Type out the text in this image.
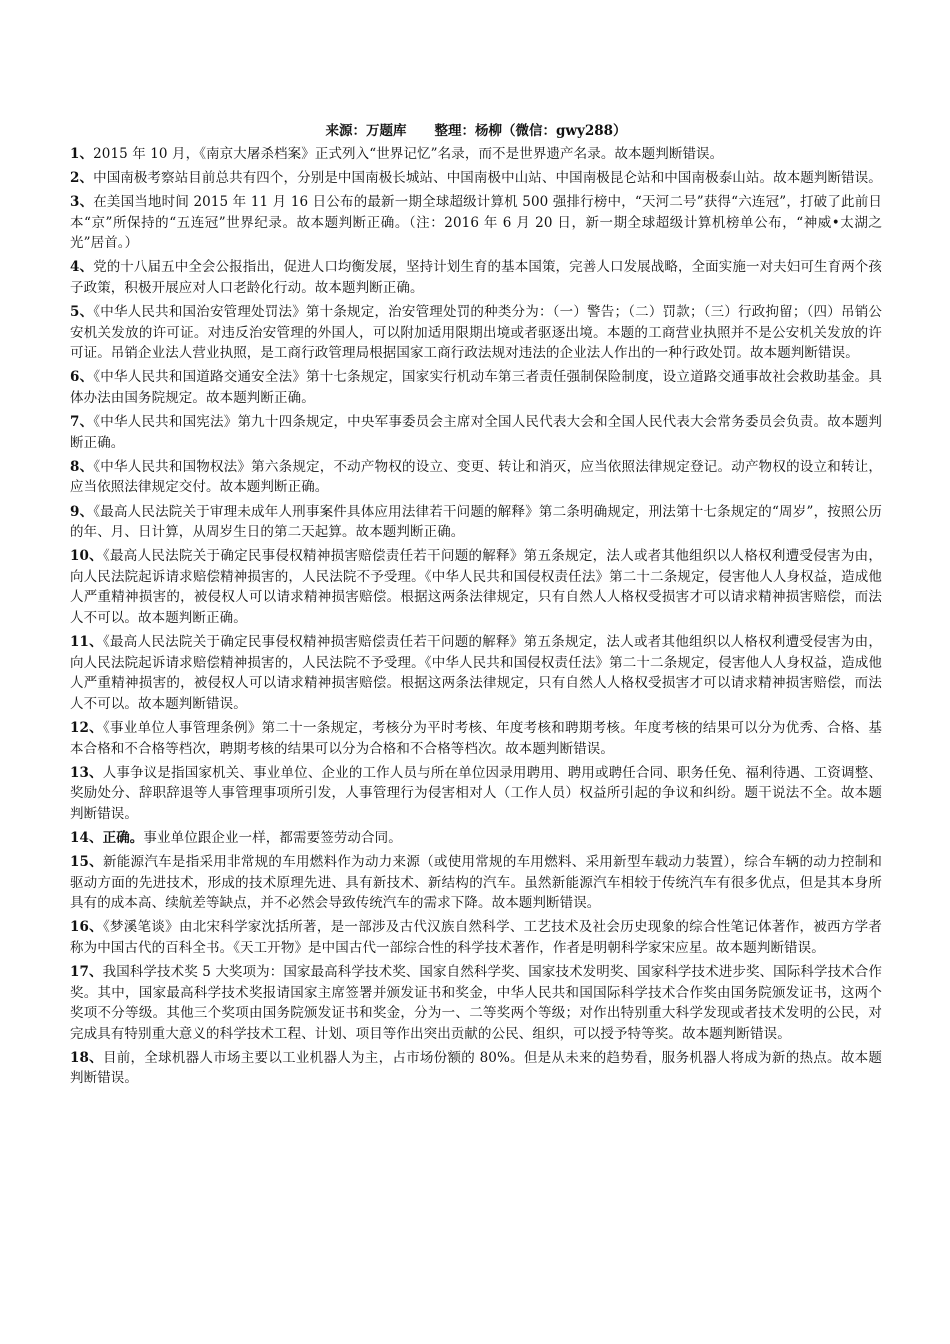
来源：万题库 整理：杨柳（微信：gwy288）

1、2015 年 10 月，《南京大屠杀档案》正式列入“世界记忆”名录，而不是世界遗产名录。故本题判断错误。

2、中国南极考察站目前总共有四个，分别是中国南极长城站、中国南极中山站、中国南极昆仑站和中国南极泰山站。故本题判断错误。

3、在美国当地时间 2015 年 11 月 16 日公布的最新一期全球超级计算机 500 强排行榜中，“天河二号”获得“六连冠”，打破了此前日本“京”所保持的“五连冠”世界纪录。故本题判断正确。（注：2016 年 6 月 20 日，新一期全球超级计算机榜单公布，“神威•太湖之光”居首。）

4、党的十八届五中全会公报指出，促进人口均衡发展，坚持计划生育的基本国策，完善人口发展战略，全面实施一对夫妇可生育两个孩子政策，积极开展应对人口老龄化行动。故本题判断正确。

5、《中华人民共和国治安管理处罚法》第十条规定，治安管理处罚的种类分为：（一）警告；（二）罚款；（三）行政拘留；（四）吊销公安机关发放的许可证。对违反治安管理的外国人，可以附加适用限期出境或者驱逐出境。本题的工商营业执照并不是公安机关发放的许可证。吊销企业法人营业执照，是工商行政管理局根据国家工商行政法规对违法的企业法人作出的一种行政处罚。故本题判断错误。

6、《中华人民共和国道路交通安全法》第十七条规定，国家实行机动车第三者责任强制保险制度，设立道路交通事故社会救助基金。具体办法由国务院规定。故本题判断正确。

7、《中华人民共和国宪法》第九十四条规定，中央军事委员会主席对全国人民代表大会和全国人民代表大会常务委员会负责。故本题判断正确。

8、《中华人民共和国物权法》第六条规定，不动产物权的设立、变更、转让和消灭，应当依照法律规定登记。动产物权的设立和转让，应当依照法律规定交付。故本题判断正确。

9、《最高人民法院关于审理未成年人刑事案件具体应用法律若干问题的解释》第二条明确规定，刑法第十七条规定的“周岁”，按照公历的年、月、日计算，从周岁生日的第二天起算。故本题判断正确。

10、《最高人民法院关于确定民事侵权精神损害赔偿责任若干问题的解释》第五条规定，法人或者其他组织以人格权利遭受侵害为由，向人民法院起诉请求赔偿精神损害的，人民法院不予受理。《中华人民共和国侵权责任法》第二十二条规定，侵害他人人身权益，造成他人严重精神损害的，被侵权人可以请求精神损害赔偿。根据这两条法律规定，只有自然人人格权受损害才可以请求精神损害赔偿，而法人不可以。故本题判断正确。

11、《最高人民法院关于确定民事侵权精神损害赔偿责任若干问题的解释》第五条规定，法人或者其他组织以人格权利遭受侵害为由，向人民法院起诉请求赔偿精神损害的，人民法院不予受理。《中华人民共和国侵权责任法》第二十二条规定，侵害他人人身权益，造成他人严重精神损害的，被侵权人可以请求精神损害赔偿。根据这两条法律规定，只有自然人人格权受损害才可以请求精神损害赔偿，而法人不可以。故本题判断错误。

12、《事业单位人事管理条例》第二十一条规定，考核分为平时考核、年度考核和聘期考核。年度考核的结果可以分为优秀、合格、基本合格和不合格等档次，聘期考核的结果可以分为合格和不合格等档次。故本题判断错误。

13、人事争议是指国家机关、事业单位、企业的工作人员与所在单位因录用聘用、聘用或聘任合同、职务任免、福利待遇、工资调整、奖励处分、辞职辞退等人事管理事项所引发，人事管理行为侵害相对人（工作人员）权益所引起的争议和纠纷。题干说法不全。故本题判断错误。

14、正确。事业单位跟企业一样，都需要签劳动合同。

15、新能源汽车是指采用非常规的车用燃料作为动力来源（或使用常规的车用燃料、采用新型车载动力装置），综合车辆的动力控制和驱动方面的先进技术，形成的技术原理先进、具有新技术、新结构的汽车。虽然新能源汽车相较于传统汽车有很多优点，但是其本身所具有的成本高、续航差等缺点，并不必然会导致传统汽车的需求下降。故本题判断错误。

16、《梦溪笔谈》由北宋科学家沈括所著，是一部涉及古代汉族自然科学、工艺技术及社会历史现象的综合性笔记体著作，被西方学者称为中国古代的百科全书。《天工开物》是中国古代一部综合性的科学技术著作，作者是明朝科学家宋应星。故本题判断错误。

17、我国科学技术奖 5 大奖项为：国家最高科学技术奖、国家自然科学奖、国家技术发明奖、国家科学技术进步奖、国际科学技术合作奖。其中，国家最高科学技术奖报请国家主席签署并颁发证书和奖金，中华人民共和国国际科学技术合作奖由国务院颁发证书，这两个奖项不分等级。其他三个奖项由国务院颁发证书和奖金，分为一、二等奖两个等级；对作出特别重大科学发现或者技术发明的公民，对完成具有特别重大意义的科学技术工程、计划、项目等作出突出贡献的公民、组织，可以授予特等奖。故本题判断错误。

18、目前，全球机器人市场主要以工业机器人为主，占市场份额的 80%。但是从未来的趋势看，服务机器人将成为新的热点。故本题判断错误。
